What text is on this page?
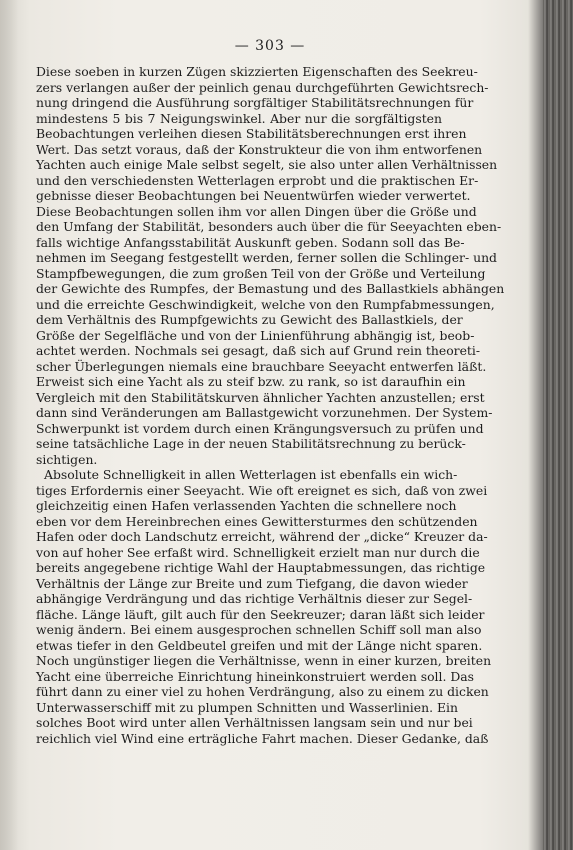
— 303 —
Diese soeben in kurzen Zügen skizzierten Eigenschaften des Seekreu-
zers verlangen außer der peinlich genau durchgeführten Gewichtsrech-
nung dringend die Ausführung sorgfältiger Stabilitätsrechnungen für
mindestens 5 bis 7 Neigungswinkel. Aber nur die sorgfältigsten
Beobachtungen verleihen diesen Stabilitätsberechnungen erst ihren
Wert. Das setzt voraus, daß der Konstrukteur die von ihm entworfenen
Yachten auch einige Male selbst segelt, sie also unter allen Verhältnissen
und den verschiedensten Wetterlagen erprobt und die praktischen Er-
gebnisse dieser Beobachtungen bei Neuentwürfen wieder verwertet.
Diese Beobachtungen sollen ihm vor allen Dingen über die Größe und
den Umfang der Stabilität, besonders auch über die für Seeyachten eben-
falls wichtige Anfangsstabilität Auskunft geben. Sodann soll das Be-
nehmen im Seegang festgestellt werden, ferner sollen die Schlinger- und
Stampfbewegungen, die zum großen Teil von der Größe und Verteilung
der Gewichte des Rumpfes, der Bemastung und des Ballastkiels abhängen
und die erreichte Geschwindigkeit, welche von den Rumpfabmessungen,
dem Verhältnis des Rumpfgewichts zu Gewicht des Ballastkiels, der
Größe der Segelfläche und von der Linienführung abhängig ist, beob-
achtet werden. Nochmals sei gesagt, daß sich auf Grund rein theoreti-
scher Überlegungen niemals eine brauchbare Seeyacht entwerfen läßt.
Erweist sich eine Yacht als zu steif bzw. zu rank, so ist daraufhin ein
Vergleich mit den Stabilitätskurven ähnlicher Yachten anzustellen; erst
dann sind Veränderungen am Ballastgewicht vorzunehmen. Der System-
Schwerpunkt ist vordem durch einen Krängungsversuch zu prüfen und
seine tatsächliche Lage in der neuen Stabilitätsrechnung zu berück-
sichtigen.
Absolute Schnelligkeit in allen Wetterlagen ist ebenfalls ein wich-
tiges Erfordernis einer Seeyacht. Wie oft ereignet es sich, daß von zwei
gleichzeitig einen Hafen verlassenden Yachten die schnellere noch
eben vor dem Hereinbrechen eines Gewittersturmes den schützenden
Hafen oder doch Landschutz erreicht, während der „dicke“ Kreuzer da-
von auf hoher See erfaßt wird. Schnelligkeit erzielt man nur durch die
bereits angegebene richtige Wahl der Hauptabmessungen, das richtige
Verhältnis der Länge zur Breite und zum Tiefgang, die davon wieder
abhängige Verdrängung und das richtige Verhältnis dieser zur Segel-
fläche. Länge läuft, gilt auch für den Seekreuzer; daran läßt sich leider
wenig ändern. Bei einem ausgesprochen schnellen Schiff soll man also
etwas tiefer in den Geldbeutel greifen und mit der Länge nicht sparen.
Noch ungünstiger liegen die Verhältnisse, wenn in einer kurzen, breiten
Yacht eine überreiche Einrichtung hineinkonstruiert werden soll. Das
führt dann zu einer viel zu hohen Verdrängung, also zu einem zu dicken
Unterwasserschiff mit zu plumpen Schnitten und Wasserlinien. Ein
solches Boot wird unter allen Verhältnissen langsam sein und nur bei
reichlich viel Wind eine erträgliche Fahrt machen. Dieser Gedanke, daß
